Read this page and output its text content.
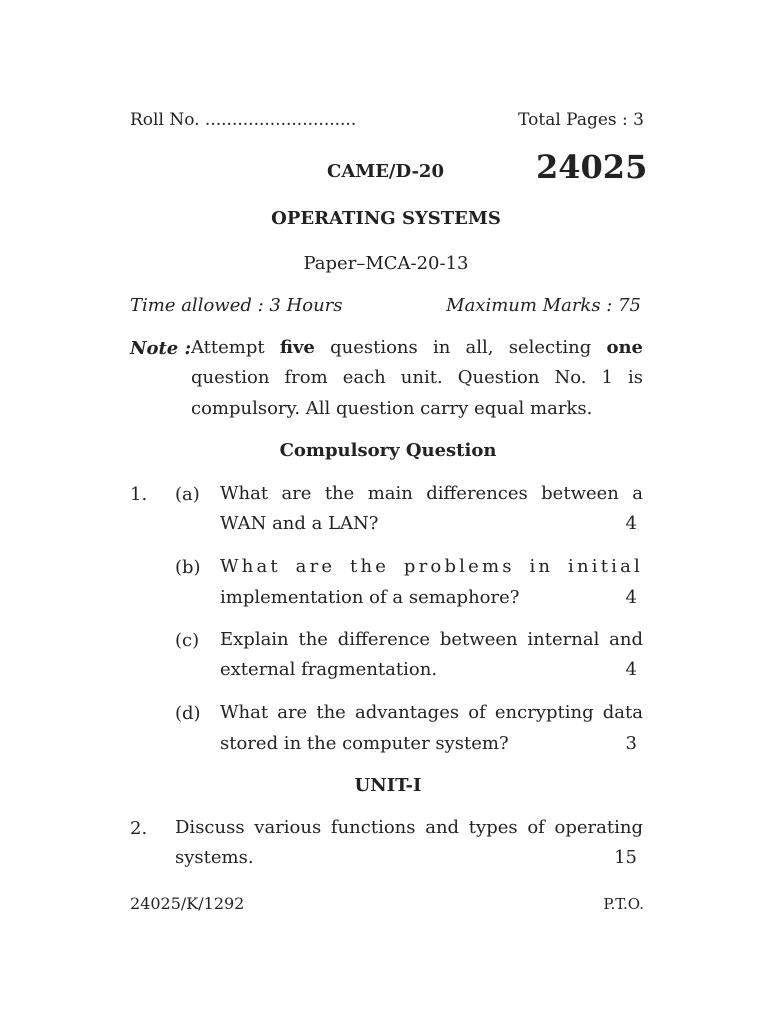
Roll No. ............................	Total Pages : 3
CAME/D-20	24025
OPERATING SYSTEMS
Paper–MCA-20-13
Time allowed : 3 Hours	Maximum Marks : 75
Note : Attempt five questions in all, selecting one
question from each unit. Question No. 1 is
compulsory. All question carry equal marks.
Compulsory Question
1. (a) What are the main differences between a
WAN and a LAN?	4
(b) What are the problems in initial
implementation of a semaphore?	4
(c) Explain the difference between internal and
external fragmentation.	4
(d) What are the advantages of encrypting data
stored in the computer system?	3
UNIT-I
2. Discuss various functions and types of operating
systems.	15
24025/K/1292	P.T.O.
